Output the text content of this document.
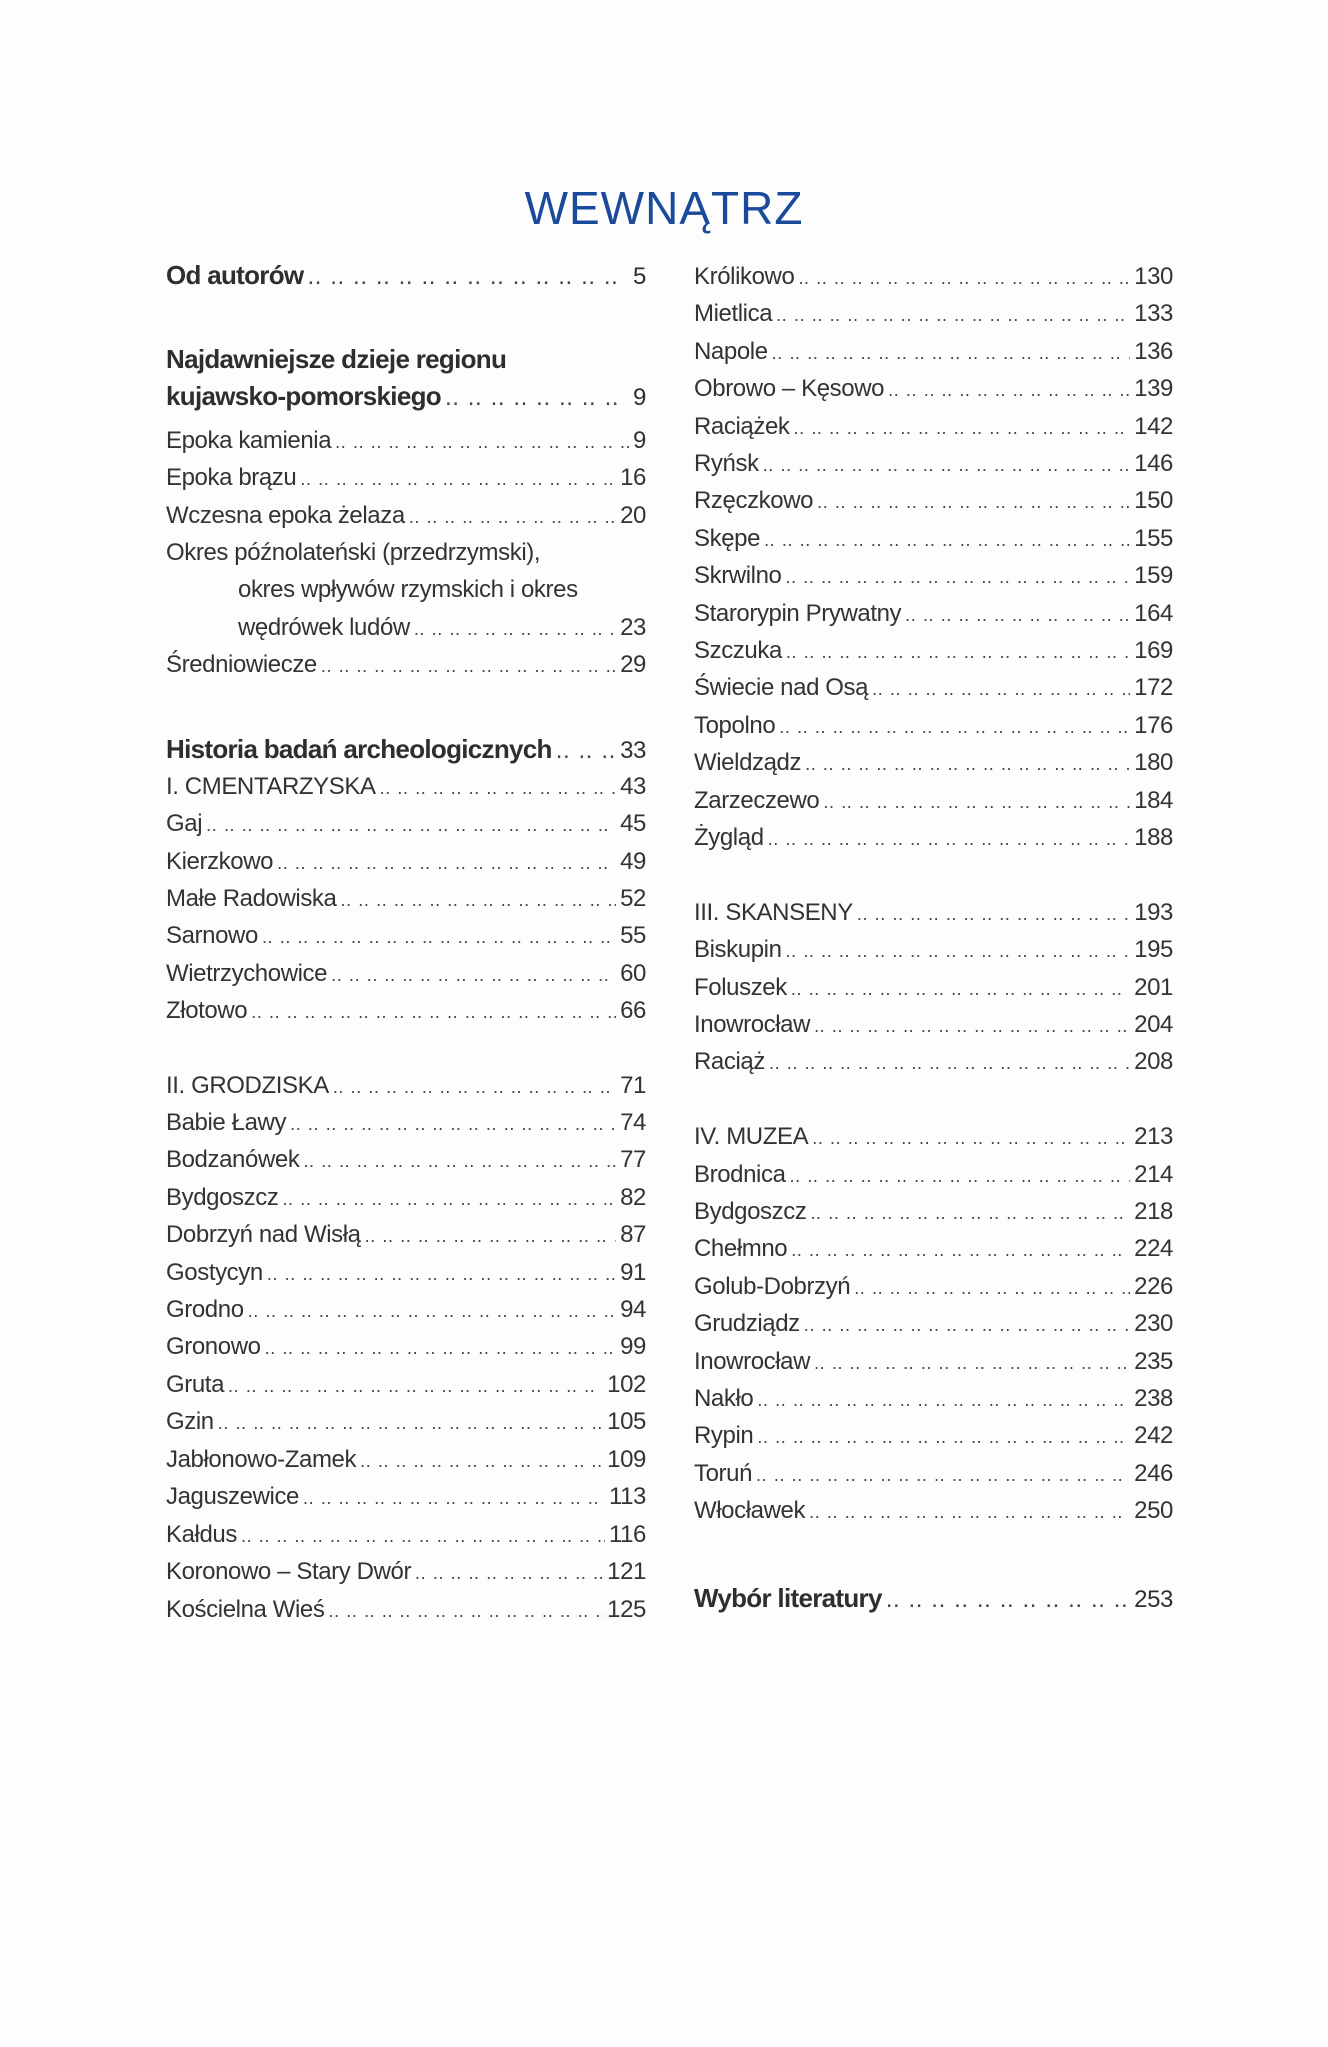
WEWNĄTRZ
Od autorów .. ..	5
Najdawniejsze dzieje regionu
kujawsko-pomorskiego .. ..	9
Epoka kamienia .. ..	9
Epoka brązu .. ..	16
Wczesna epoka żelaza .. ..	20
Okres późnolateński (przedrzymski),
okres wpływów rzymskich i okres
wędrówek ludów .. ..	23
Średniowiecze .. ..	29
Historia badań archeologicznych .. ..	33
I. CMENTARZYSKA .. ..	43
Gaj .. ..	45
Kierzkowo .. ..	49
Małe Radowiska .. ..	52
Sarnowo .. ..	55
Wietrzychowice .. ..	60
Złotowo .. ..	66
II. GRODZISKA .. ..	71
Babie Ławy .. ..	74
Bodzanówek .. ..	77
Bydgoszcz .. ..	82
Dobrzyń nad Wisłą .. ..	87
Gostycyn .. ..	91
Grodno .. ..	94
Gronowo .. ..	99
Gruta .. ..	102
Gzin .. ..	105
Jabłonowo-Zamek .. ..	109
Jaguszewice .. ..	113
Kałdus .. ..	116
Koronowo – Stary Dwór .. ..	121
Kościelna Wieś .. ..	125
Królikowo .. ..	130
Mietlica .. ..	133
Napole .. ..	136
Obrowo – Kęsowo .. ..	139
Raciążek .. ..	142
Ryńsk .. ..	146
Rzęczkowo .. ..	150
Skępe .. ..	155
Skrwilno .. ..	159
Starorypin Prywatny .. ..	164
Szczuka .. ..	169
Świecie nad Osą .. ..	172
Topolno .. ..	176
Wieldządz .. ..	180
Zarzeczewo .. ..	184
Żygląd .. ..	188
III. SKANSENY .. ..	193
Biskupin .. ..	195
Foluszek .. ..	201
Inowrocław .. ..	204
Raciąż .. ..	208
IV. MUZEA .. ..	213
Brodnica .. ..	214
Bydgoszcz .. ..	218
Chełmno .. ..	224
Golub-Dobrzyń .. ..	226
Grudziądz .. ..	230
Inowrocław .. ..	235
Nakło .. ..	238
Rypin .. ..	242
Toruń .. ..	246
Włocławek .. ..	250
Wybór literatury .. ..	253
